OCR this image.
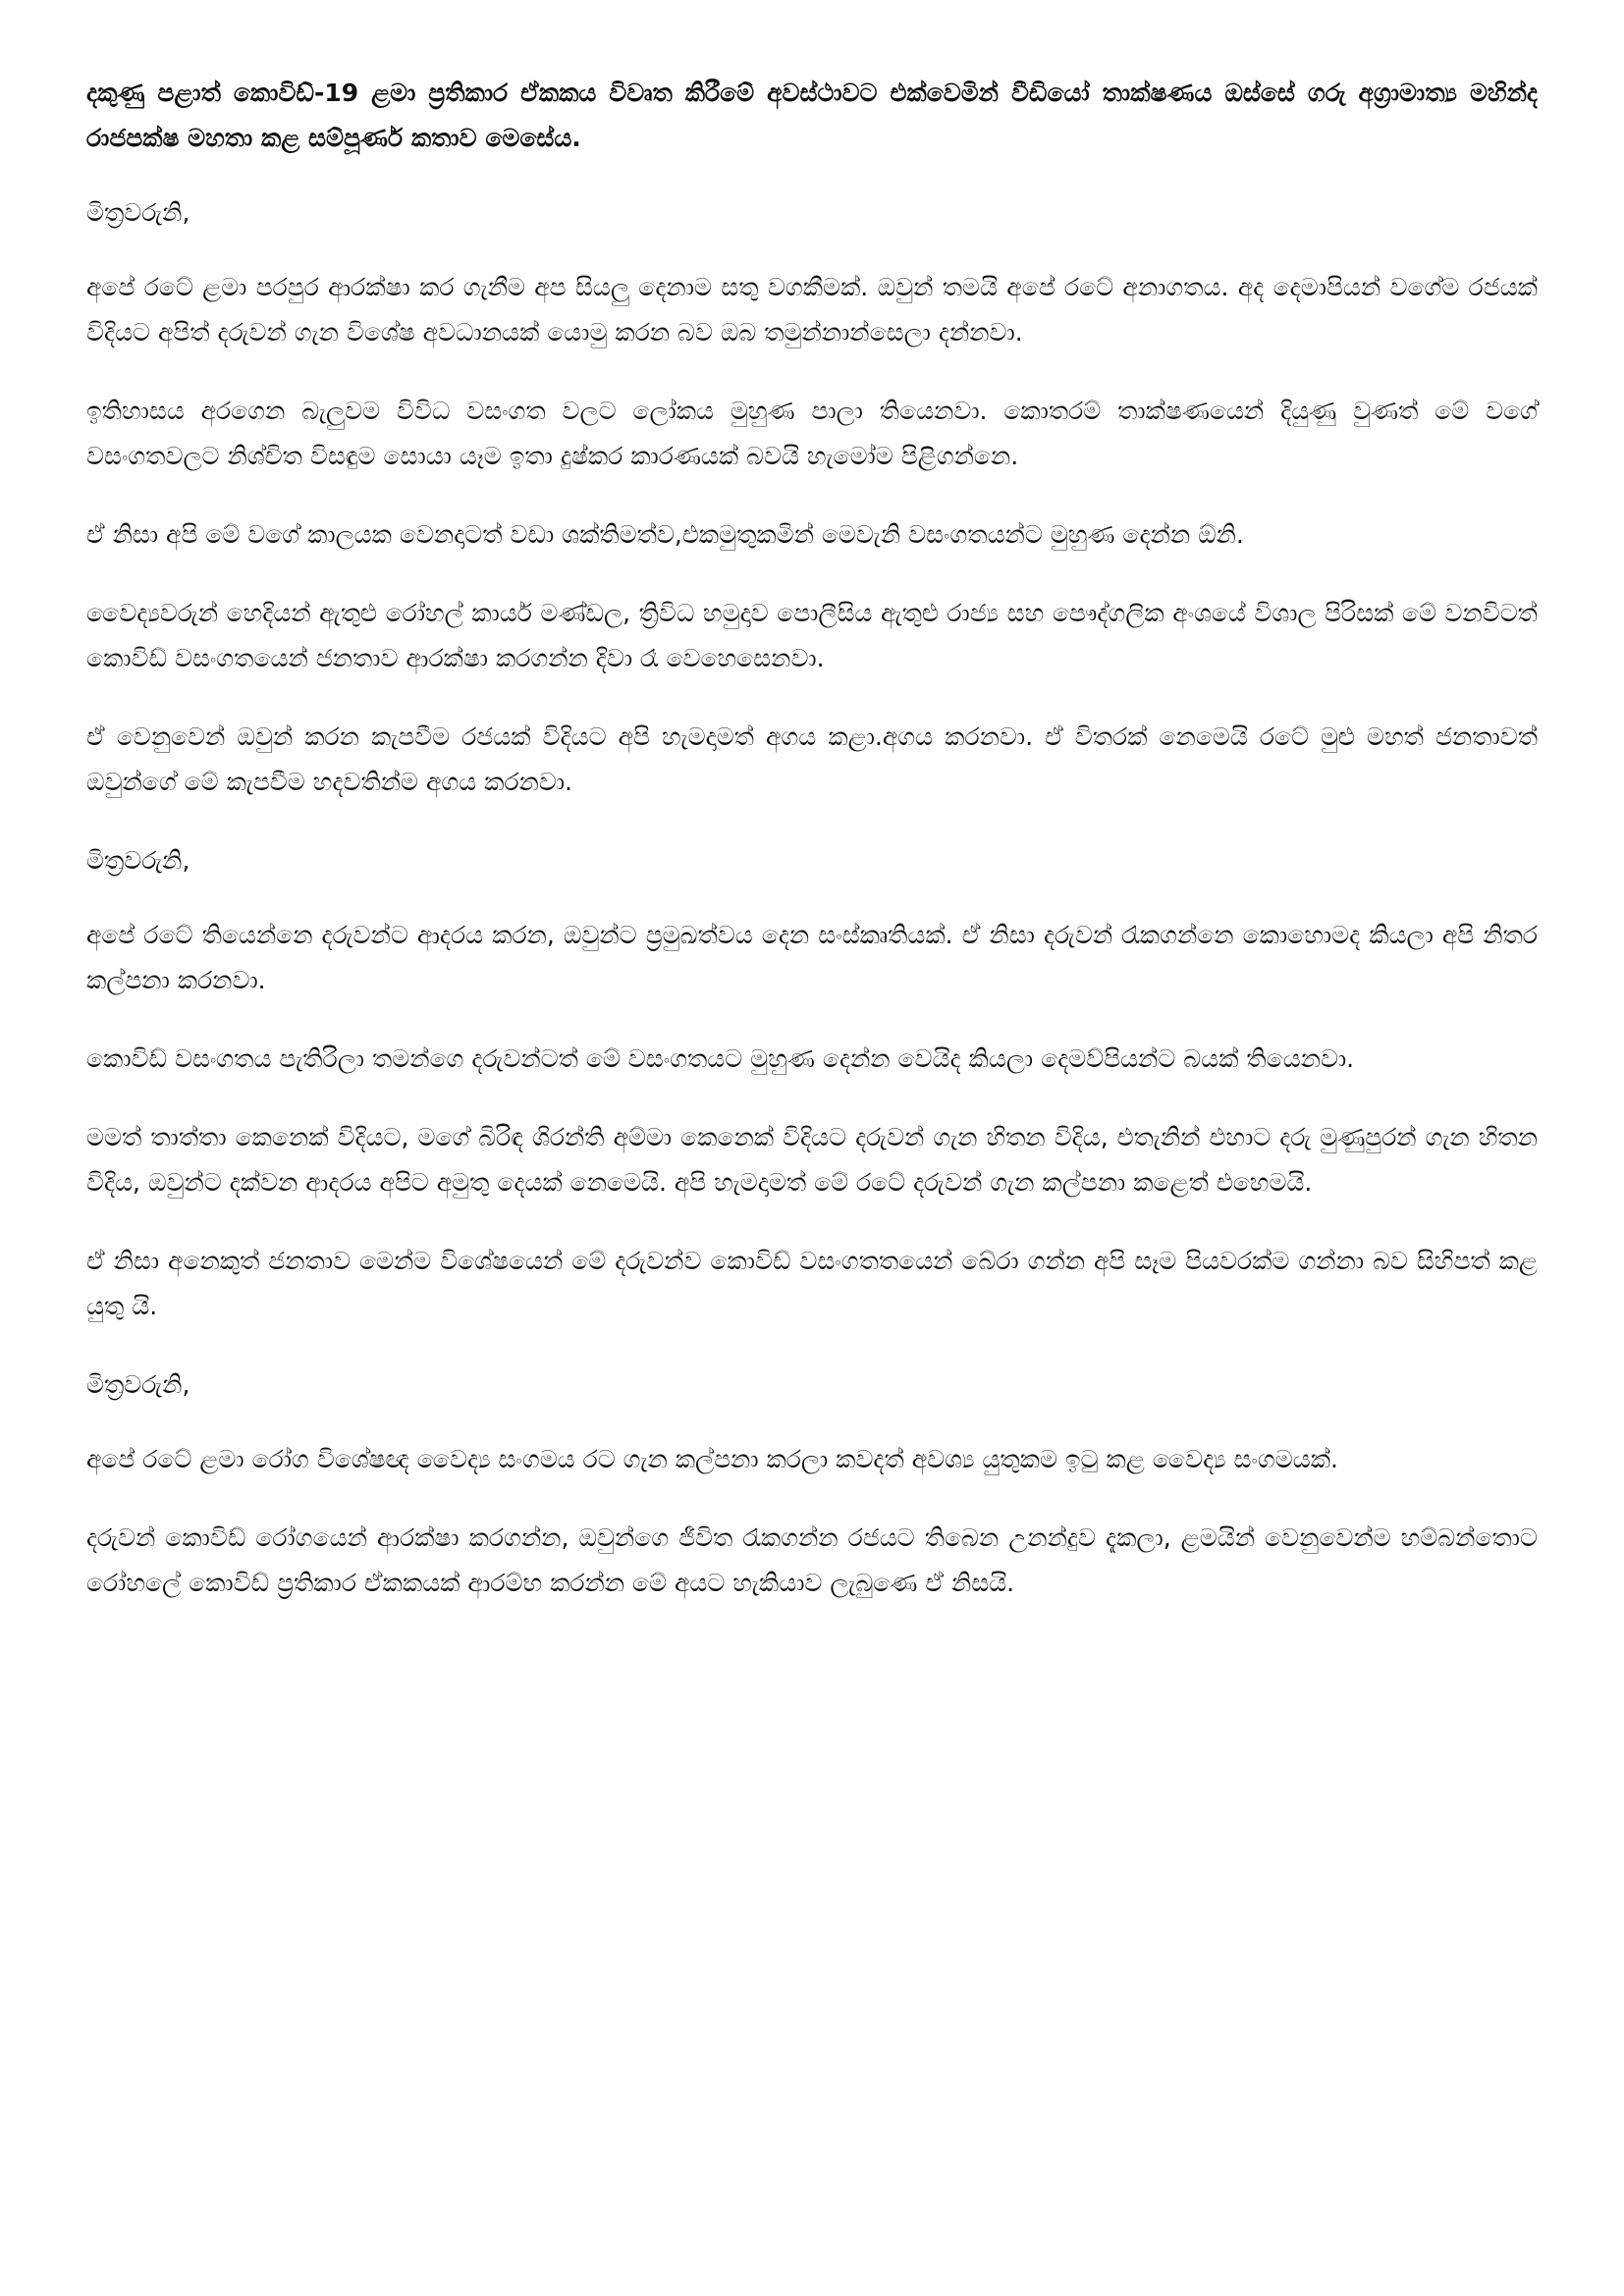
දකුණු පළාත් කොවිඩ්-19 ළමා ප්‍රතිකාර ඒකකය විවෘත කිරීමේ අවස්ථාවට එක්වෙමින් වීඩියෝ තාක්ෂණය ඔස්සේ ගරු අග්‍රාමාත්‍ය මහින්ද රාජපක්ෂ මහතා කළ සම්පූර්ණ කතාව මෙසේය.

මිත්‍රවරුනි,

අපේ රටේ ළමා පරපුර ආරක්ෂා කර ගැනීම අප සියලු දෙනාම සතු වගකීමක්. ඔවුන් තමයි අපේ රටේ අනාගතය. අද දෙමාපියන් වගේම රජයක් විදියට අපිත් දරුවන් ගැන විශේෂ අවධානයක් යොමු කරන බව ඔබ තමුන්නාන්සෙලා දන්නවා.

ඉතිහාසය අරගෙන බැලුවම විවිධ වසංගත වලට ලෝකය මුහුණ පාලා තියෙනවා. කොතරම් තාක්ෂණයෙන් දියුණු වුණත් මේ වගේ වසංගතවලට නිශ්චිත විසඳුම සොයා යෑම ඉතා දුෂ්කර කාරණයක් බවයි හැමෝම පිළිගන්නෙ.

ඒ නිසා අපි මේ වගේ කාලයක වෙනදාටත් වඩා ශක්තිමත්ව,එකමුතුකමින් මෙවැනි වසංගතයන්ට මුහුණ දෙන්න ඕනි.

වෛද්‍යවරුන් හෙදියන් ඇතුළු රෝහල් කාර්ය මණ්ඩල, ත්‍රිවිධ හමුදාව පොලීසිය ඇතුළු රාජ්‍ය සහ පෞද්ගලික අංශයේ විශාල පිරිසක් මේ වනවිටත් කොවිඩ් වසංගතයෙන් ජනතාව ආරක්ෂා කරගන්න දිවා රෑ වෙහෙසෙනවා.

ඒ වෙනුවෙන් ඔවුන් කරන කැපවීම රජයක් විදියට අපි හැමදාමත් අගය කළා.අගය කරනවා. ඒ විතරක් නෙමෙයි රටේ මුළු මහත් ජනතාවත් ඔවුන්ගේ මේ කැපවීම හදවතින්ම අගය කරනවා.

මිත්‍රවරුනි,

අපේ රටේ තියෙන්නෙ දරුවන්ට ආදරය කරන, ඔවුන්ට ප්‍රමුඛත්වය දෙන සංස්කෘතියක්. ඒ නිසා දරුවන් රැකගන්නෙ කොහොමද කියලා අපි නිතර කල්පනා කරනවා.

කොවිඩ් වසංගතය පැතිරිලා තමන්ගෙ දරුවන්ටත් මේ වසංගතයට මුහුණ දෙන්න වෙයිද කියලා දෙමව්පියන්ට බයක් තියෙනවා.

මමත් තාත්තා කෙනෙක් විදියට, මගේ බිරිඳ ශිරන්ති අම්මා කෙනෙක් විදියට දරුවන් ගැන හිතන විදිය, එතැනින් එහාට දරු මුණුපුරන් ගැන හිතන විදිය, ඔවුන්ට දක්වන ආදරය අපිට අමුතු දෙයක් නෙමෙයි. අපි හැමදාමත් මේ රටේ දරුවන් ගැන කල්පනා කළෙත් එහෙමයි.

ඒ නිසා අනෙකුත් ජනතාව මෙන්ම විශේෂයෙන් මේ දරුවන්ව කොවිඩ් වසංගතතයෙන් බේරා ගන්න අපි සෑම පියවරක්ම ගන්නා බව සිහිපත් කළ යුතු යි.

මිත්‍රවරුනි,

අපේ රටේ ළමා රෝග විශේෂඥ වෛද්‍ය සංගමය රට ගැන කල්පනා කරලා කවදත් අවශ්‍ය යුතුකම ඉටු කළ වෛද්‍ය සංගමයක්.

දරුවන් කොවිඩ් රෝගයෙන් ආරක්ෂා කරගන්න, ඔවුන්ගෙ ජීවිත රැකගන්න රජයට තිබෙන උනන්දුව දැකලා, ළමයින් වෙනුවෙන්ම හම්බන්තොට රෝහලේ කොවිඩ් ප්‍රතිකාර ඒකකයක් ආරම්භ කරන්න මේ අයට හැකියාව ලැබුණෙ ඒ නිසයි.
